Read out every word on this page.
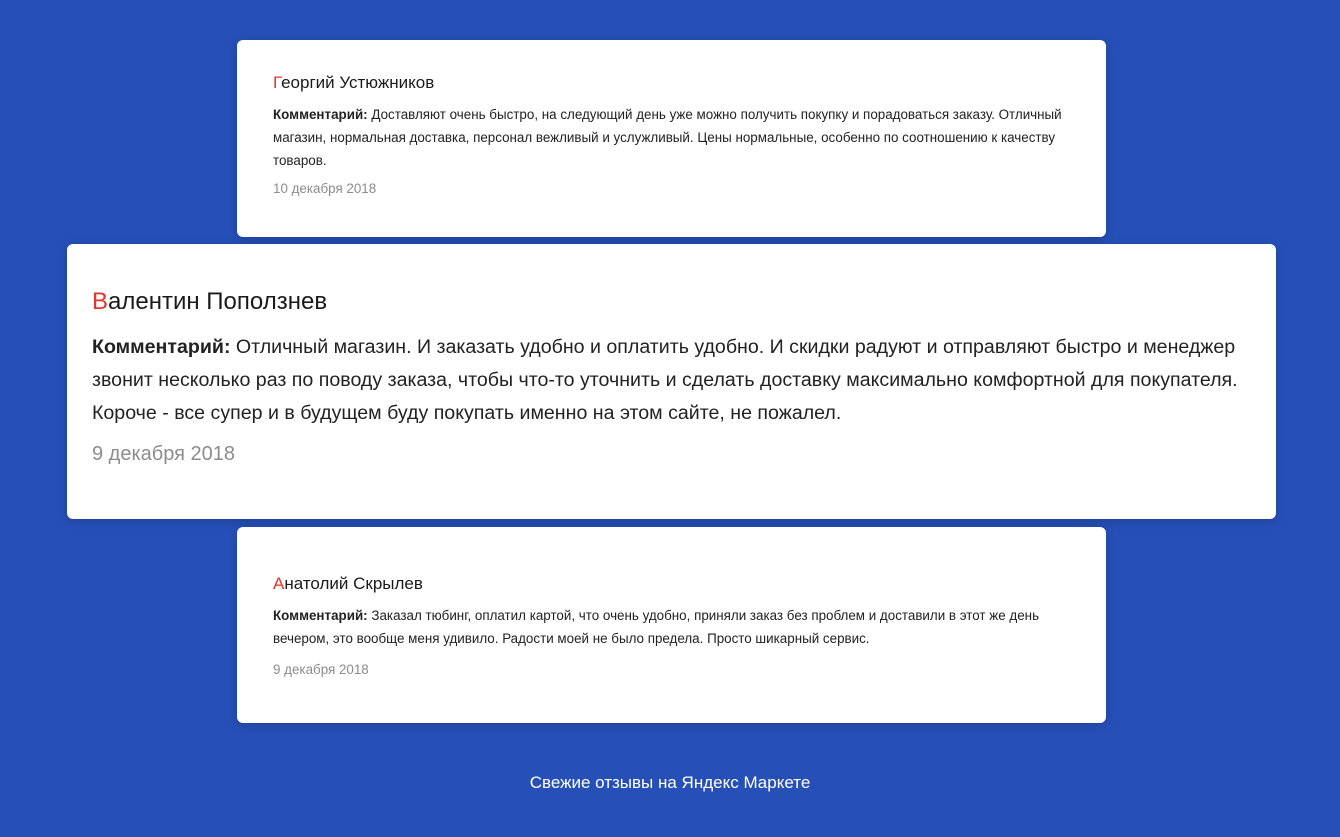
Георгий Устюжников

Комментарий: Доставляют очень быстро, на следующий день уже можно получить покупку и порадоваться заказу. Отличный магазин, нормальная доставка, персонал вежливый и услужливый. Цены нормальные, особенно по соотношению к качеству товаров.

10 декабря 2018

Валентин Поползнев

Комментарий: Отличный магазин. И заказать удобно и оплатить удобно. И скидки радуют и отправляют быстро и менеджер звонит несколько раз по поводу заказа, чтобы что-то уточнить и сделать доставку максимально комфортной для покупателя. Короче - все супер и в будущем буду покупать именно на этом сайте, не пожалел.

9 декабря 2018

Анатолий Скрылев

Комментарий: Заказал тюбинг, оплатил картой, что очень удобно, приняли заказ без проблем и доставили в этот же день вечером, это вообще меня удивило. Радости моей не было предела. Просто шикарный сервис.

9 декабря 2018

Свежие отзывы на Яндекс Маркете
